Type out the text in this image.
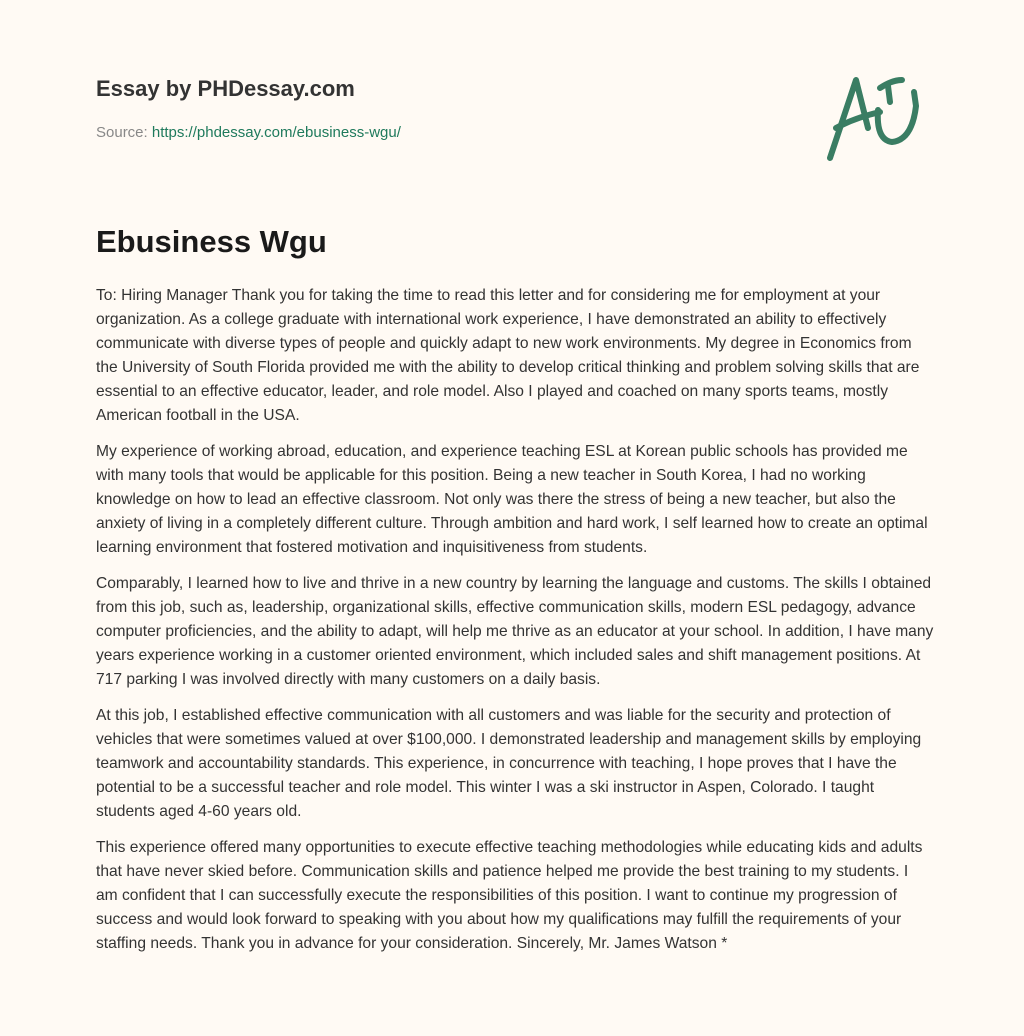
Essay by PHDessay.com
Source: https://phdessay.com/ebusiness-wgu/
Ebusiness Wgu

To: Hiring Manager Thank you for taking the time to read this letter and for considering me for employment at your organization. As a college graduate with international work experience, I have demonstrated an ability to effectively communicate with diverse types of people and quickly adapt to new work environments. My degree in Economics from the University of South Florida provided me with the ability to develop critical thinking and problem solving skills that are essential to an effective educator, leader, and role model. Also I played and coached on many sports teams, mostly American football in the USA.

My experience of working abroad, education, and experience teaching ESL at Korean public schools has provided me with many tools that would be applicable for this position. Being a new teacher in South Korea, I had no working knowledge on how to lead an effective classroom. Not only was there the stress of being a new teacher, but also the anxiety of living in a completely different culture. Through ambition and hard work, I self learned how to create an optimal learning environment that fostered motivation and inquisitiveness from students.

Comparably, I learned how to live and thrive in a new country by learning the language and customs. The skills I obtained from this job, such as, leadership, organizational skills, effective communication skills, modern ESL pedagogy, advance computer proficiencies, and the ability to adapt, will help me thrive as an educator at your school. In addition, I have many years experience working in a customer oriented environment, which included sales and shift management positions. At 717 parking I was involved directly with many customers on a daily basis.

At this job, I established effective communication with all customers and was liable for the security and protection of vehicles that were sometimes valued at over $100,000. I demonstrated leadership and management skills by employing teamwork and accountability standards. This experience, in concurrence with teaching, I hope proves that I have the potential to be a successful teacher and role model. This winter I was a ski instructor in Aspen, Colorado. I taught students aged 4-60 years old.

This experience offered many opportunities to execute effective teaching methodologies while educating kids and adults that have never skied before. Communication skills and patience helped me provide the best training to my students. I am confident that I can successfully execute the responsibilities of this position. I want to continue my progression of success and would look forward to speaking with you about how my qualifications may fulfill the requirements of your staffing needs. Thank you in advance for your consideration. Sincerely, Mr. James Watson *
